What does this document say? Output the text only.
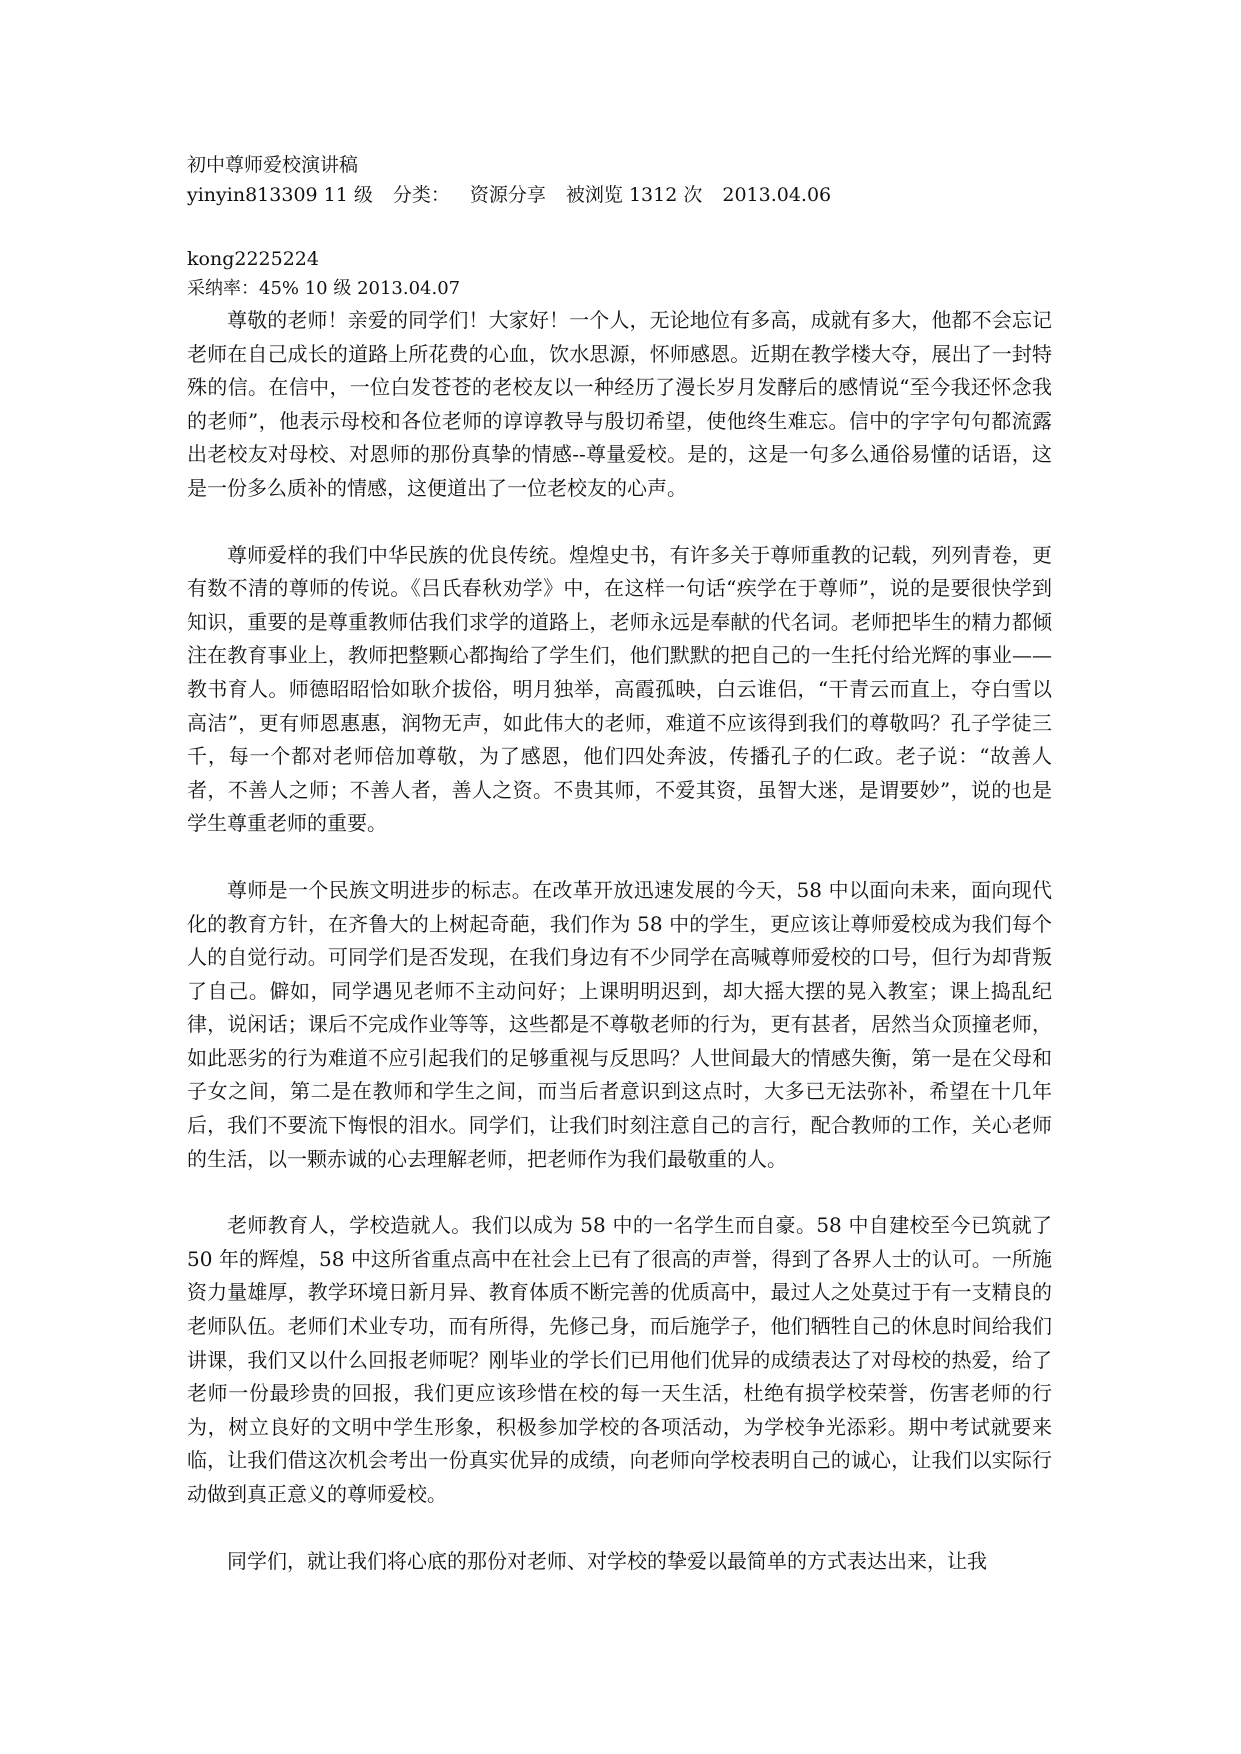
初中尊师爱校演讲稿
yinyin813309 11 级 分类： 资源分享 被浏览 1312 次 2013.04.06
kong2225224
采纳率：45% 10 级 2013.04.07

尊敬的老师！亲爱的同学们！大家好！一个人，无论地位有多高，成就有多大，他都不会忘记老师在自己成长的道路上所花费的心血，饮水思源，怀师感恩。近期在教学楼大夺，展出了一封特殊的信。在信中，一位白发苍苍的老校友以一种经历了漫长岁月发酵后的感情说“至今我还怀念我的老师”，他表示母校和各位老师的谆谆教导与殷切希望，使他终生难忘。信中的字字句句都流露出老校友对母校、对恩师的那份真挚的情感--尊量爱校。是的，这是一句多么通俗易懂的话语，这是一份多么质补的情感，这便道出了一位老校友的心声。

尊师爱样的我们中华民族的优良传统。煌煌史书，有许多关于尊师重教的记载，列列青卷，更有数不清的尊师的传说。《吕氏春秋劝学》中，在这样一句话“疾学在于尊师”，说的是要很快学到知识，重要的是尊重教师估我们求学的道路上，老师永远是奉献的代名词。老师把毕生的精力都倾注在教育事业上，教师把整颗心都掏给了学生们，他们默默的把自己的一生托付给光辉的事业——教书育人。师德昭昭恰如耿介拔俗，明月独举，高霞孤映，白云谁侣，“干青云而直上，夺白雪以高洁”，更有师恩惠惠，润物无声，如此伟大的老师，难道不应该得到我们的尊敬吗？孔子学徒三千，每一个都对老师倍加尊敬，为了感恩，他们四处奔波，传播孔子的仁政。老子说：“故善人者，不善人之师；不善人者，善人之资。不贵其师，不爱其资，虽智大迷，是谓要妙”，说的也是学生尊重老师的重要。

尊师是一个民族文明进步的标志。在改革开放迅速发展的今天，58 中以面向未来，面向现代化的教育方针，在齐鲁大的上树起奇葩，我们作为 58 中的学生，更应该让尊师爱校成为我们每个人的自觉行动。可同学们是否发现，在我们身边有不少同学在高喊尊师爱校的口号，但行为却背叛了自己。僻如，同学遇见老师不主动问好；上课明明迟到，却大摇大摆的晃入教室；课上捣乱纪律，说闲话；课后不完成作业等等，这些都是不尊敬老师的行为，更有甚者，居然当众顶撞老师，如此恶劣的行为难道不应引起我们的足够重视与反思吗？人世间最大的情感失衡，第一是在父母和子女之间，第二是在教师和学生之间，而当后者意识到这点时，大多已无法弥补，希望在十几年后，我们不要流下悔恨的泪水。同学们，让我们时刻注意自己的言行，配合教师的工作，关心老师的生活，以一颗赤诚的心去理解老师，把老师作为我们最敬重的人。

老师教育人，学校造就人。我们以成为 58 中的一名学生而自豪。58 中自建校至今已筑就了 50 年的辉煌，58 中这所省重点高中在社会上已有了很高的声誉，得到了各界人士的认可。一所施资力量雄厚，教学环境日新月异、教育体质不断完善的优质高中，最过人之处莫过于有一支精良的老师队伍。老师们术业专功，而有所得，先修己身，而后施学子，他们牺牲自己的休息时间给我们讲课，我们又以什么回报老师呢？刚毕业的学长们已用他们优异的成绩表达了对母校的热爱，给了老师一份最珍贵的回报，我们更应该珍惜在校的每一天生活，杜绝有损学校荣誉，伤害老师的行为，树立良好的文明中学生形象，积极参加学校的各项活动，为学校争光添彩。期中考试就要来临，让我们借这次机会考出一份真实优异的成绩，向老师向学校表明自己的诚心，让我们以实际行动做到真正意义的尊师爱校。

同学们，就让我们将心底的那份对老师、对学校的挚爱以最简单的方式表达出来，让我
